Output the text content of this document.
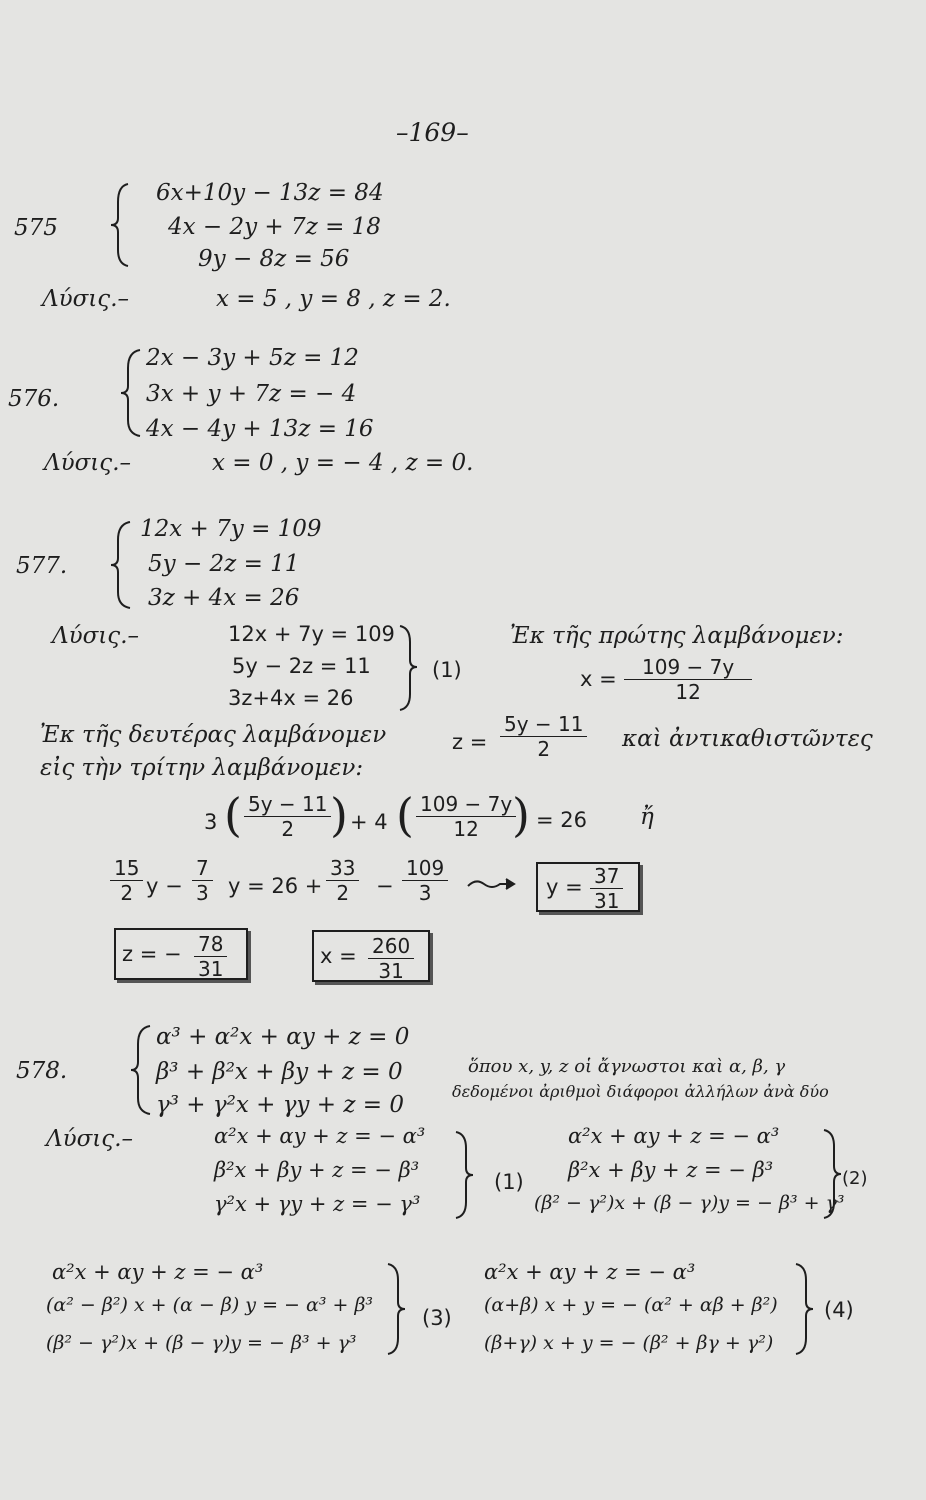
–169–
575
6x+10y − 13z = 84
4x − 2y + 7z = 18
9y − 8z = 56
Λύσις.–	x = 5 , y = 8 , z = 2.
576.
2x − 3y + 5z = 12
3x + y + 7z = − 4
4x − 4y + 13z = 16
Λύσις.–	x = 0 , y = − 4 , z = 0.
577.
12x + 7y = 109
5y − 2z = 11
3z + 4x = 26
Λύσις.–	12x + 7y = 109
5y − 2z = 11
3z+4x = 26
(1)
Ἐκ τῆς πρώτης λαμβάνομεν:
$x = \frac{109 - 7y}{12}$
Ἐκ τῆς δευτέρας λαμβάνομεν	$z = \frac{5y - 11}{2}$ καὶ ἀντικαθιστῶντες
εἰς τὴν τρίτην λαμβάνομεν:
3 ( $\frac{5y - 11}{2}$
) + 4 ( $\frac{109 - 7y}{12}$
) = 26 ἤ
$\frac{15}{2}$ $y - \frac{7}{3}$ $y = 26 + \frac{33}{2} - \frac{109}{3}$	$y = \frac{37}{31}$
z = − $\frac{78}{31}$	$x = \frac{260}{31}$
578.
α³ + α²x + αy + z = 0
β³ + β²x + βy + z = 0
γ³ + γ²x + γy + z = 0
ὅπου x, y, z οἱ ἄγνωστοι καὶ α, β, γ
δεδομένοι ἀριθμοὶ διάφοροι ἀλλήλων ἀνὰ δύο
Λύσις.–	α²x + αy + z = − α³
β²x + βy + z = − β³
γ²x + γy + z = − γ³
(1)
α²x + αy + z = − α³
β²x + βy + z = − β³
(β² − γ²)x + (β − γ)y = − β³ + γ³
(2)
α²x + αy + z = − α³
(α² − β²) x + (α − β) y = − α³ + β³
(β² − γ²)x + (β − γ)y = − β³ + γ³
(3)
α²x + αy + z = − α³
(α+β) x + y = − (α² + αβ + β²)
(β+γ) x + y = − (β² + βγ + γ²)
(4)
